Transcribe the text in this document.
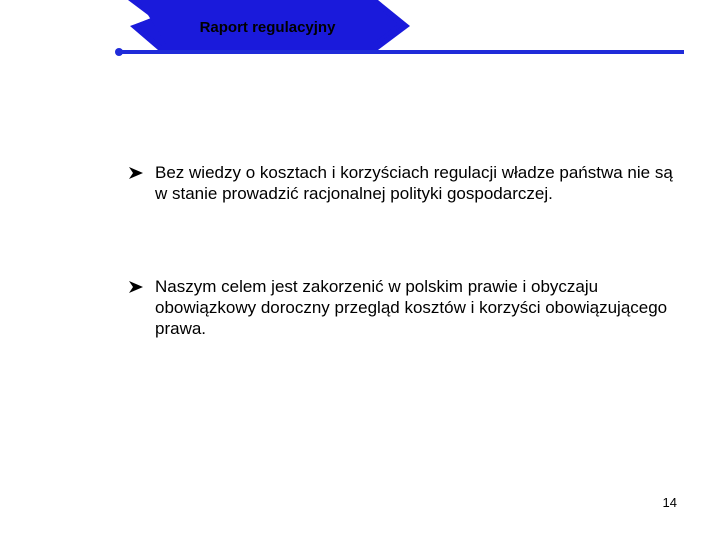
Raport regulacyjny
Bez wiedzy o kosztach i korzyściach regulacji władze państwa nie są w stanie prowadzić racjonalnej polityki gospodarczej.
Naszym celem jest zakorzenić w polskim prawie i obyczaju obowiązkowy doroczny przegląd kosztów i korzyści obowiązującego prawa.
14
